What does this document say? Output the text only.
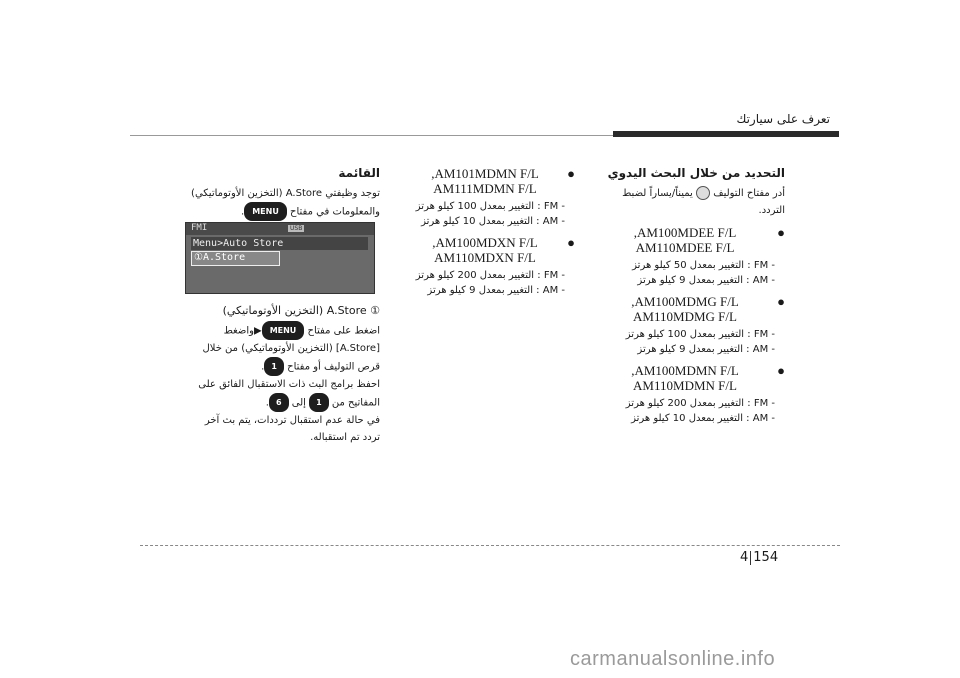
تعرف على سيارتك
التحديد من خلال البحث اليدوي
أدر مفتاح التوليف  يميناً/يساراً لضبط
التردد.
●
AM100MDEE F/L,
AM110MDEE F/L
- FM : التغيير بمعدل 50 كيلو هرتز
- AM : التغيير بمعدل 9 كيلو هرتز
●
AM100MDMG F/L,
AM110MDMG F/L
- FM : التغيير بمعدل 100 كيلو هرتز
- AM : التغيير بمعدل 9 كيلو هرتز
●
AM100MDMN F/L,
AM110MDMN F/L
- FM : التغيير بمعدل 200 كيلو هرتز
- AM : التغيير بمعدل 10 كيلو هرتز
●
AM101MDMN F/L,
AM111MDMN F/L
- FM : التغيير بمعدل 100 كيلو هرتز
- AM : التغيير بمعدل 10 كيلو هرتز
●
AM100MDXN F/L,
AM110MDXN F/L
- FM : التغيير بمعدل 200 كيلو هرتز
- AM : التغيير بمعدل 9 كيلو هرتز
القائمة
توجد وظيفتي A.Store (التخزين الأوتوماتيكي)
والمعلومات في مفتاح MENU.
FMI	USB
Menu>Auto Store
①A.Store
① A.Store (التخزين الأوتوماتيكي)
اضغط على مفتاح MENU▶واضغط
[A.Store] (التخزين الأوتوماتيكي) من خلال
قرص التوليف أو مفتاح 1.
احفظ برامج البث ذات الاستقبال الفائق على
المفاتيح من 1 إلى 6.
في حالة عدم استقبال ترددات، يتم بث آخر
تردد تم استقباله.
4 154
carmanualsonline.info
